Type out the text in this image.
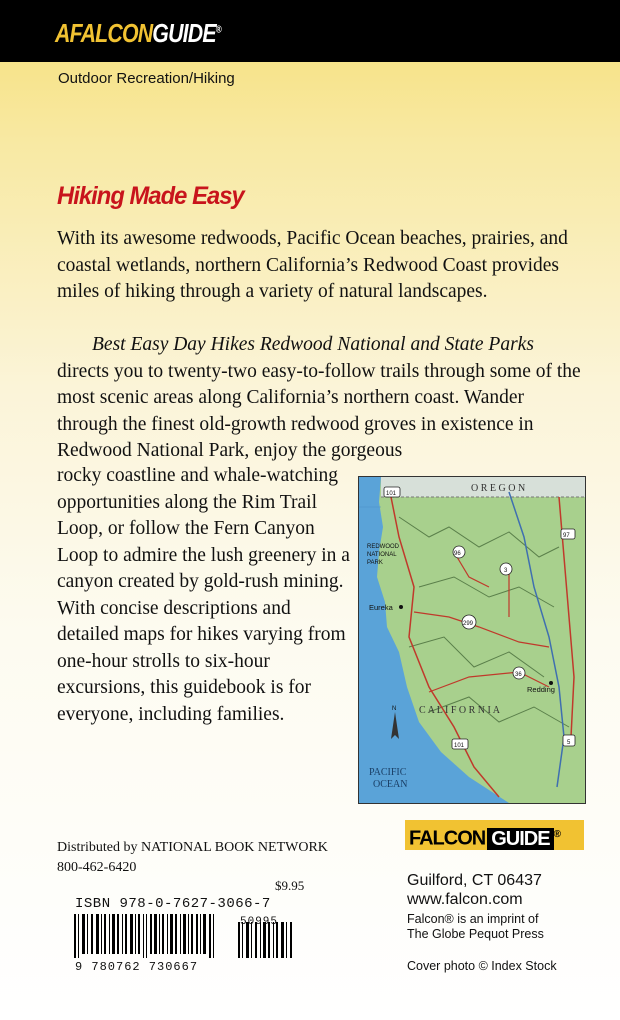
AFALCONGUIDE®
Outdoor Recreation/Hiking
Hiking Made Easy

With its awesome redwoods, Pacific Ocean beaches, prairies, and coastal wetlands, northern California’s Redwood Coast provides miles of hiking through a variety of natural landscapes.

Best Easy Day Hikes Redwood National and State Parks directs you to twenty-two easy-to-follow trails through some of the most scenic areas along California’s northern coast. Wander through the finest old-growth redwood groves in existence in Redwood National Park, enjoy the gorgeous

rocky coastline and whale-watching opportunities along the Rim Trail Loop, or follow the Fern Canyon Loop to admire the lush greenery in a canyon created by gold-rush mining. With concise descriptions and detailed maps for hikes varying from one-hour strolls to six-hour excursions, this guidebook is for everyone, including families.

O R E G O N
C A L I F O R N I A
PACIFIC
OCEAN
REDWOOD
NATIONAL
PARK
Eureka
Redding
N
101
96
3
97
299
36
101	5
Distributed by NATIONAL BOOK NETWORK
800-462-6420
$9.95
ISBN 978-0-7627-3066-7
50995
9 780762 730667
FALCON GUIDE ®
Guilford, CT 06437
www.falcon.com
Falcon® is an imprint of
The Globe Pequot Press
Cover photo © Index Stock
